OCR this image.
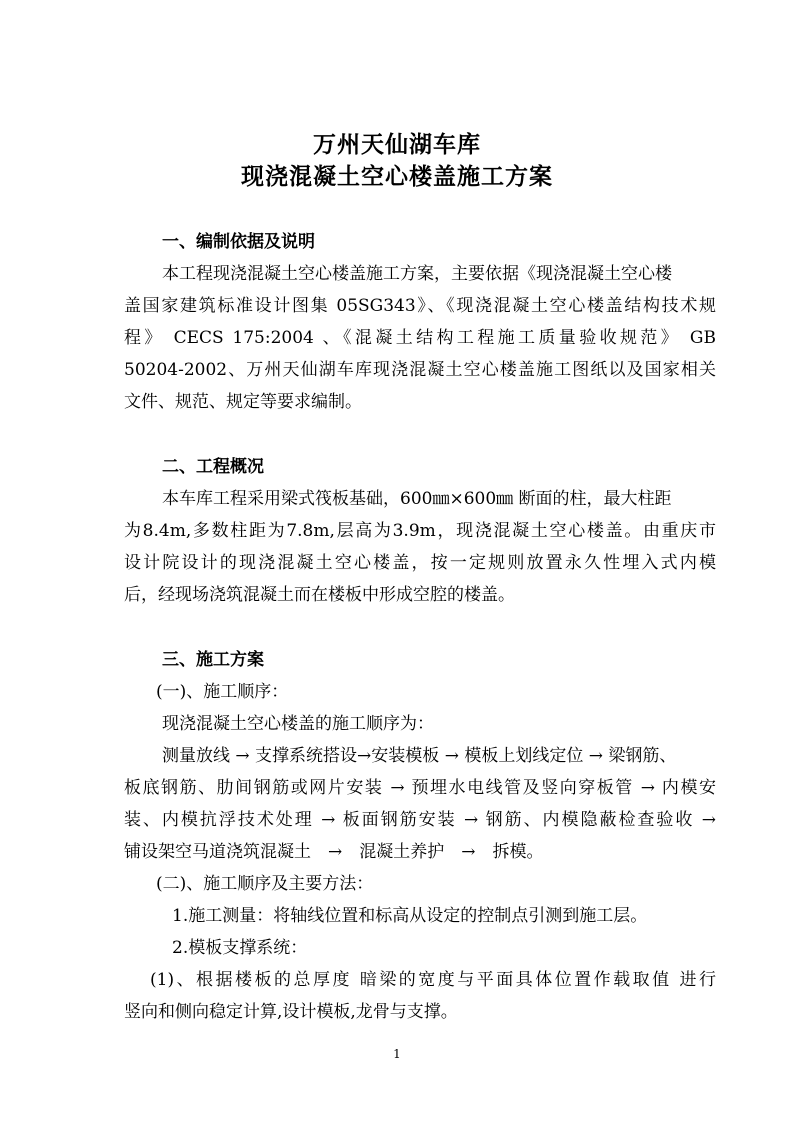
万州天仙湖车库
现浇混凝土空心楼盖施工方案
一、编制依据及说明
本工程现浇混凝土空心楼盖施工方案，主要依据《现浇混凝土空心楼
盖国家建筑标准设计图集 05SG343》、《现浇混凝土空心楼盖结构技术规
程》 CECS 175:2004 、《混凝土结构工程施工质量验收规范》 GB
50204-2002、万州天仙湖车库现浇混凝土空心楼盖施工图纸以及国家相关
文件、规范、规定等要求编制。
二、工程概况
本车库工程采用梁式筏板基础，600㎜×600㎜ 断面的柱，最大柱距
为8.4m,多数柱距为7.8m,层高为3.9m，现浇混凝土空心楼盖。由重庆市
设计院设计的现浇混凝土空心楼盖，按一定规则放置永久性埋入式内模
后，经现场浇筑混凝土而在楼板中形成空腔的楼盖。
三、施工方案
(一)、施工顺序：
现浇混凝土空心楼盖的施工顺序为：
测量放线 → 支撑系统搭设→安装模板 → 模板上划线定位 → 梁钢筋、
板底钢筋、肋间钢筋或网片安装 → 预埋水电线管及竖向穿板管 → 内模安
装、内模抗浮技术处理 → 板面钢筋安装 → 钢筋、内模隐蔽检查验收 →
铺设架空马道浇筑混凝土　→　混凝土养护　→　拆模。
(二)、施工顺序及主要方法：
1.施工测量：将轴线位置和标高从设定的控制点引测到施工层。
2.模板支撑系统：
(1)、根据楼板的总厚度 暗梁的宽度与平面具体位置作载取值 进行
竖向和侧向稳定计算,设计模板,龙骨与支撑。
1
